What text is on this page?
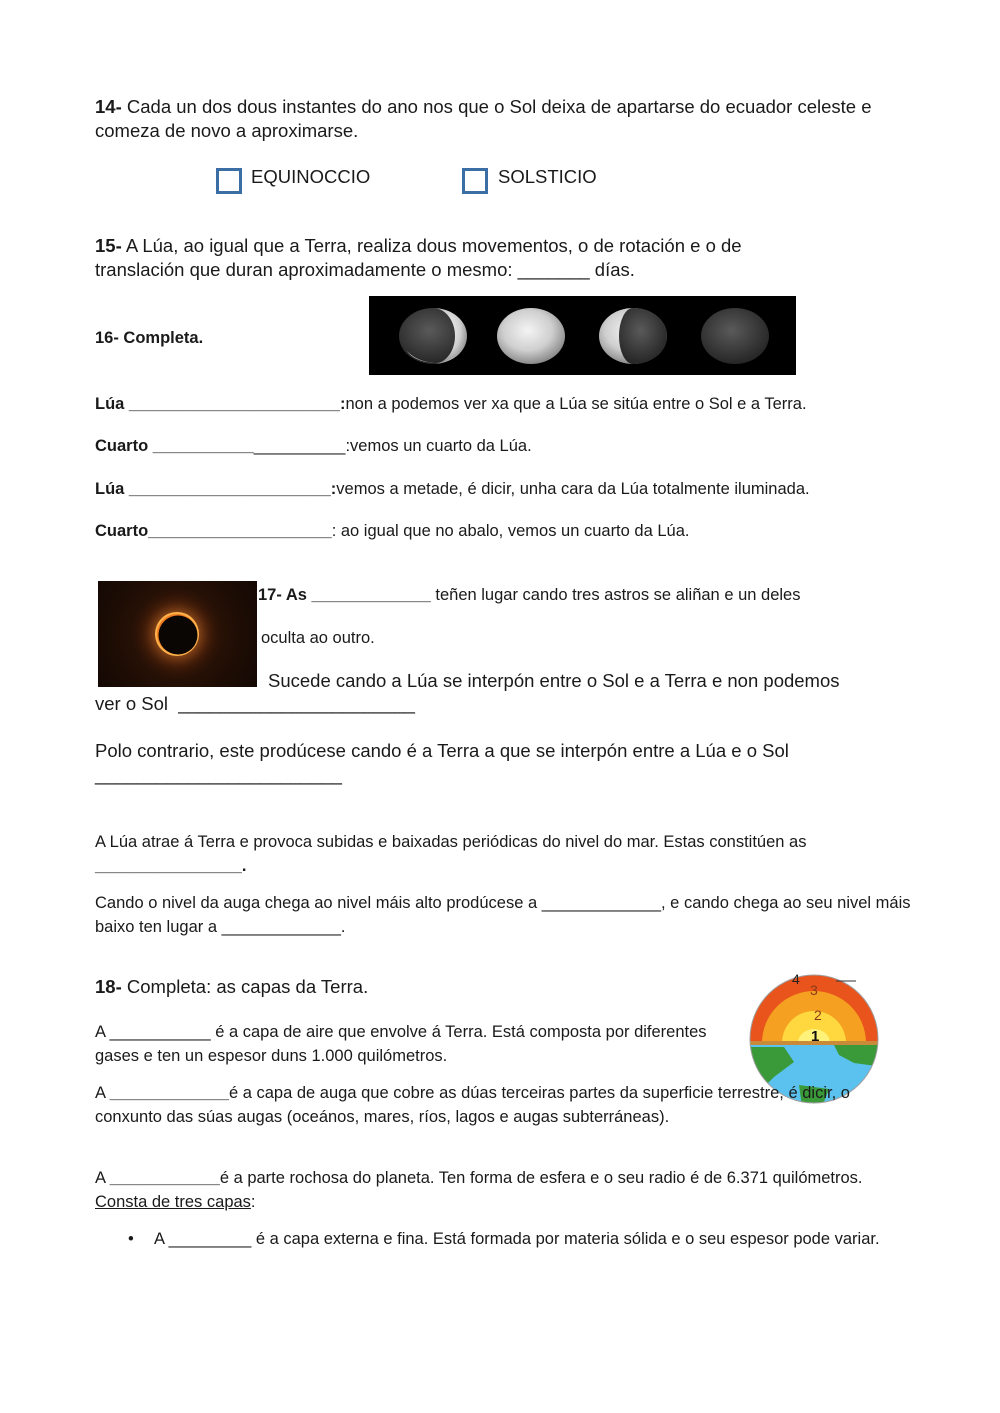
14- Cada un dos dous instantes do ano nos que o Sol deixa de apartarse do ecuador celeste e comeza de novo a aproximarse.
EQUINOCCIO	SOLSTICIO
15- A Lúa, ao igual que a Terra, realiza dous movementos, o de rotación e o de translación que duran aproximadamente o mesmo: _______ días.
16- Completa.
Lúa _______________________:non a podemos ver xa que a Lúa se sitúa entre o Sol e a Terra.
Cuarto _____________________:vemos un cuarto da Lúa.
Lúa ______________________:vemos a metade, é dicir, unha cara da Lúa totalmente iluminada.
Cuarto____________________: ao igual que no abalo, vemos un cuarto da Lúa.
17- As _____________ teñen lugar cando tres astros se aliñan e un deles
oculta ao outro.
Sucede cando a Lúa se interpón entre o Sol e a Terra e non podemos
ver o Sol  _______________________
Polo contrario, este prodúcese cando é a Terra a que se interpón entre a Lúa e o Sol
________________________
A Lúa atrae á Terra e provoca subidas e baixadas periódicas do nivel do mar. Estas constitúen as
________________.
Cando o nivel da auga chega ao nivel máis alto prodúcese a _____________, e cando chega ao seu nivel máis baixo ten lugar a _____________.
18- Completa: as capas da Terra.	4
3
2
1
A ___________ é a capa de aire que envolve á Terra. Está composta por diferentes gases e ten un espesor duns 1.000 quilómetros.
A _____________é a capa de auga que cobre as dúas terceiras partes da superficie terrestre, é dicir, o conxunto das súas augas (oceános, mares, ríos, lagos e augas subterráneas).
A ____________é a parte rochosa do planeta. Ten forma de esfera e o seu radio é de 6.371 quilómetros. Consta de tres capas:
•	A _________ é a capa externa e fina. Está formada por materia sólida e o seu espesor pode variar.
